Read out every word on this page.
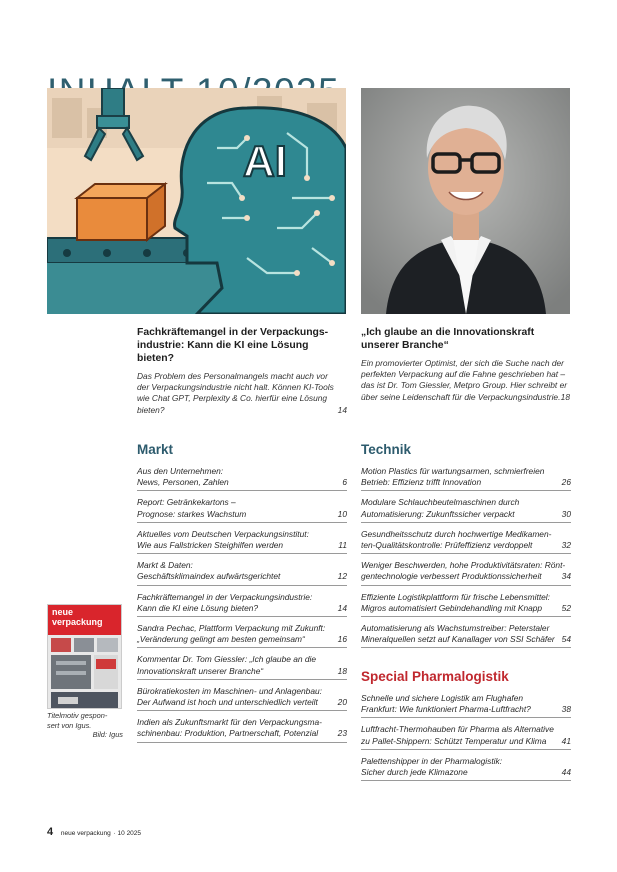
AI
Fachkräftemangel in der Verpackungs-
industrie: Kann die KI eine Lösung bieten?

Das Problem des Personalmangels macht auch vor
der Verpackungsindustrie nicht halt. Können KI-Tools
wie Chat GPT, Perplexity & Co. hierfür eine Lösung
bieten?	14

„Ich glaube an die Innovationskraft
unserer Branche“

Ein promovierter Optimist, der sich die Suche nach der
perfekten Verpackung auf die Fahne geschrieben hat –
das ist Dr. Tom Giessler, Metpro Group. Hier schreibt er
über seine Leidenschaft für die Verpackungsindustrie. 18

Markt
Aus den Unternehmen:
News, Personen, Zahlen	6
Report: Getränkekartons –
Prognose: starkes Wachstum	10
Aktuelles vom Deutschen Verpackungsinstitut:
Wie aus Fallstricken Steighilfen werden	11
Markt & Daten:
Geschäftsklimaindex aufwärtsgerichtet	12
Fachkräftemangel in der Verpackungsindustrie:
Kann die KI eine Lösung bieten?	14
Sandra Pechac, Plattform Verpackung mit Zukunft:
„Veränderung gelingt am besten gemeinsam“	16
Kommentar Dr. Tom Giessler: „Ich glaube an die
Innovationskraft unserer Branche“	18
Bürokratiekosten im Maschinen- und Anlagenbau:
Der Aufwand ist hoch und unterschiedlich verteilt 20
Indien als Zukunftsmarkt für den Verpackungsma-
schinenbau: Produktion, Partnerschaft, Potenzial 23
Technik
Motion Plastics für wartungsarmen, schmierfreien
Betrieb: Effizienz trifft Innovation	26
Modulare Schlauchbeutelmaschinen durch
Automatisierung: Zukunftssicher verpackt	30
Gesundheitsschutz durch hochwertige Medikamen-
ten-Qualitätskontrolle: Prüfeffizienz verdoppelt	32
Weniger Beschwerden, hohe Produktivitätsraten: Rönt-
gentechnologie verbessert Produktionssicherheit 34
Effiziente Logistikplattform für frische Lebensmittel:
Migros automatisiert Gebindehandling mit Knapp 52
Automatisierung als Wachstumstreiber: Peterstaler
Mineralquellen setzt auf Kanallager von SSI Schäfer 54
Special Pharmalogistik
Schnelle und sichere Logistik am Flughafen
Frankfurt: Wie funktioniert Pharma-Luftfracht?	38
Luftfracht-Thermohauben für Pharma als Alternative
zu Pallet-Shippern: Schützt Temperatur und Klima 41
Palettenshipper in der Pharmalogistik:
Sicher durch jede Klimazone	44
neue
verpackung
Titelmotiv gespon-
sert von Igus.
Bild: Igus
4 neue verpackung · 10 2025
